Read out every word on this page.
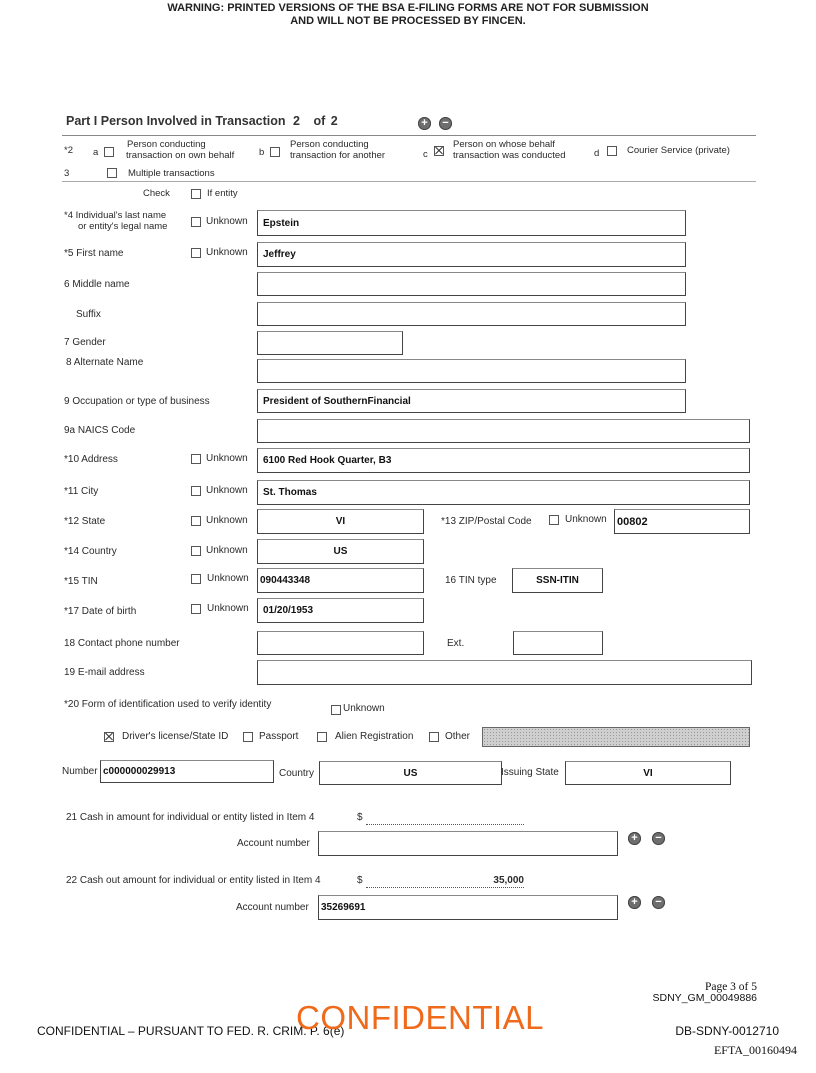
WARNING: PRINTED VERSIONS OF THE BSA E-FILING FORMS ARE NOT FOR SUBMISSION
AND WILL NOT BE PROCESSED BY FINCEN.
Part I Person Involved in Transaction 2 of 2	+ −
*2 a
Person conducting
transaction on own behalf	b
Person conducting
transaction for another	c
Person on whose behalf
transaction was conducted	d	Courier Service (private)
3	Multiple transactions
Check	If entity
*4 Individual's last name
or entity's legal name	Unknown	Epstein
*5 First name	Unknown	Jeffrey
6 Middle name
Suffix
7 Gender
8 Alternate Name
9 Occupation or type of business	President of SouthernFinancial
9a NAICS Code
*10 Address	Unknown	6100 Red Hook Quarter, B3
*11 City	Unknown	St. Thomas
*12 State	Unknown	VI	*13 ZIP/Postal Code	Unknown 00802
*14 Country	Unknown	US
*15 TIN	Unknown	090443348	16 TIN type	SSN-ITIN
*17 Date of birth	Unknown	01/20/1953
18 Contact phone number	Ext.
19 E-mail address
*20 Form of identification used to verify identity	Unknown
Driver's license/State ID	Passport	Alien Registration	Other
Number c000000029913	Country	US	Issuing State	VI
21 Cash in amount for individual or entity listed in Item 4	$
Account number	+ −
22 Cash out amount for individual or entity listed in Item 4	$	35,000
Account number	35269691	+ −
Page 3 of 5
SDNY_GM_00049886
CONFIDENTIAL – PURSUANT TO FED. R. CRIM. P. 6(e)
CONFIDENTIAL	DB-SDNY-0012710
EFTA_00160494
